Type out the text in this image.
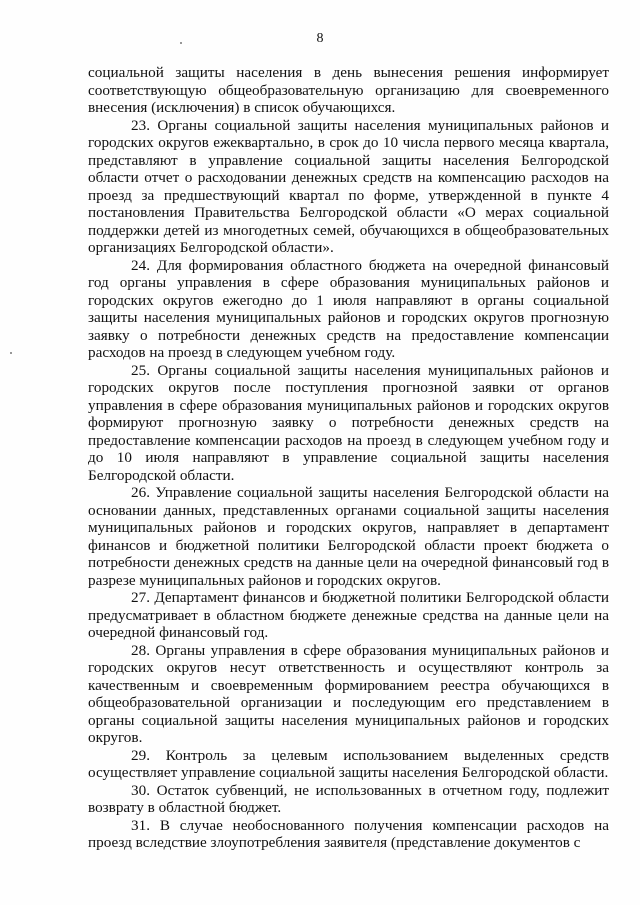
8

социальной защиты населения в день вынесения решения информирует соответствующую общеобразовательную организацию для своевременного внесения (исключения) в список обучающихся.

23. Органы социальной защиты населения муниципальных районов и городских округов ежеквартально, в срок до 10 числа первого месяца квартала, представляют в управление социальной защиты населения Белгородской области отчет о расходовании денежных средств на компенсацию расходов на проезд за предшествующий квартал по форме, утвержденной в пункте 4 постановления Правительства Белгородской области «О мерах социальной поддержки детей из многодетных семей, обучающихся в общеобразовательных организациях Белгородской области».

24. Для формирования областного бюджета на очередной финансовый год органы управления в сфере образования муниципальных районов и городских округов ежегодно до 1 июля направляют в органы социальной защиты населения муниципальных районов и городских округов прогнозную заявку о потребности денежных средств на предоставление компенсации расходов на проезд в следующем учебном году.

25. Органы социальной защиты населения муниципальных районов и городских округов после поступления прогнозной заявки от органов управления в сфере образования муниципальных районов и городских округов формируют прогнозную заявку о потребности денежных средств на предоставление компенсации расходов на проезд в следующем учебном году и до 10 июля направляют в управление социальной защиты населения Белгородской области.

26. Управление социальной защиты населения Белгородской области на основании данных, представленных органами социальной защиты населения муниципальных районов и городских округов, направляет в департамент финансов и бюджетной политики Белгородской области проект бюджета о потребности денежных средств на данные цели на очередной финансовый год в разрезе муниципальных районов и городских округов.

27. Департамент финансов и бюджетной политики Белгородской области предусматривает в областном бюджете денежные средства на данные цели на очередной финансовый год.

28. Органы управления в сфере образования муниципальных районов и городских округов несут ответственность и осуществляют контроль за качественным и своевременным формированием реестра обучающихся в общеобразовательной организации и последующим его представлением в органы социальной защиты населения муниципальных районов и городских округов.

29. Контроль за целевым использованием выделенных средств осуществляет управление социальной защиты населения Белгородской области.

30. Остаток субвенций, не использованных в отчетном году, подлежит возврату в областной бюджет.

31. В случае необоснованного получения компенсации расходов на проезд вследствие злоупотребления заявителя (представление документов с
